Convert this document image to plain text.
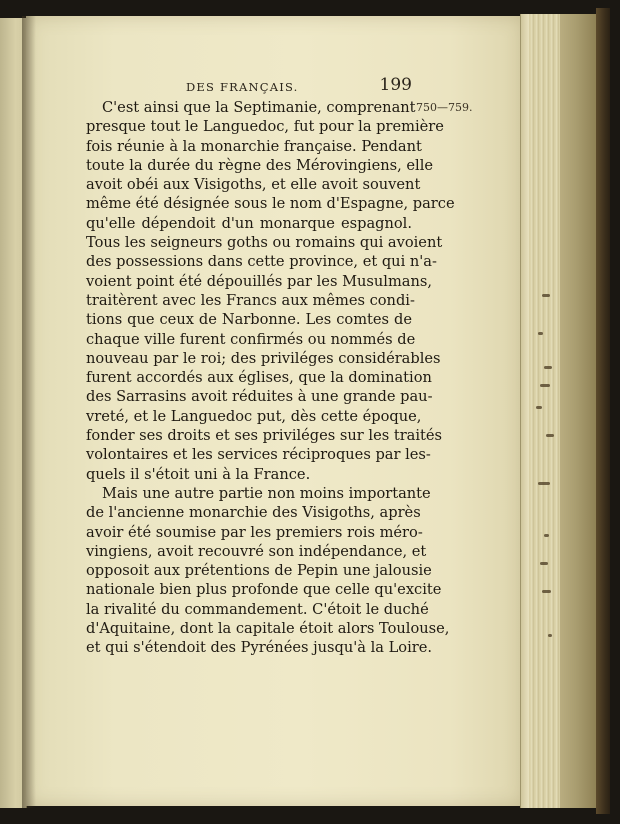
DES FRANÇAIS.	199
750—759.
C'est ainsi que la Septimanie, comprenant
presque tout le Languedoc, fut pour la première
fois réunie à la monarchie française. Pendant
toute la durée du règne des Mérovingiens, elle
avoit obéi aux Visigoths, et elle avoit souvent
même été désignée sous le nom d'Espagne, parce
qu'elle dépendoit d'un monarque espagnol.
Tous les seigneurs goths ou romains qui avoient
des possessions dans cette province, et qui n'a-
voient point été dépouillés par les Musulmans,
traitèrent avec les Francs aux mêmes condi-
tions que ceux de Narbonne. Les comtes de
chaque ville furent confirmés ou nommés de
nouveau par le roi; des priviléges considérables
furent accordés aux églises, que la domination
des Sarrasins avoit réduites à une grande pau-
vreté, et le Languedoc put, dès cette époque,
fonder ses droits et ses priviléges sur les traités
volontaires et les services réciproques par les-
quels il s'étoit uni à la France.
Mais une autre partie non moins importante
de l'ancienne monarchie des Visigoths, après
avoir été soumise par les premiers rois méro-
vingiens, avoit recouvré son indépendance, et
opposoit aux prétentions de Pepin une jalousie
nationale bien plus profonde que celle qu'excite
la rivalité du commandement. C'étoit le duché
d'Aquitaine, dont la capitale étoit alors Toulouse,
et qui s'étendoit des Pyrénées jusqu'à la Loire.
